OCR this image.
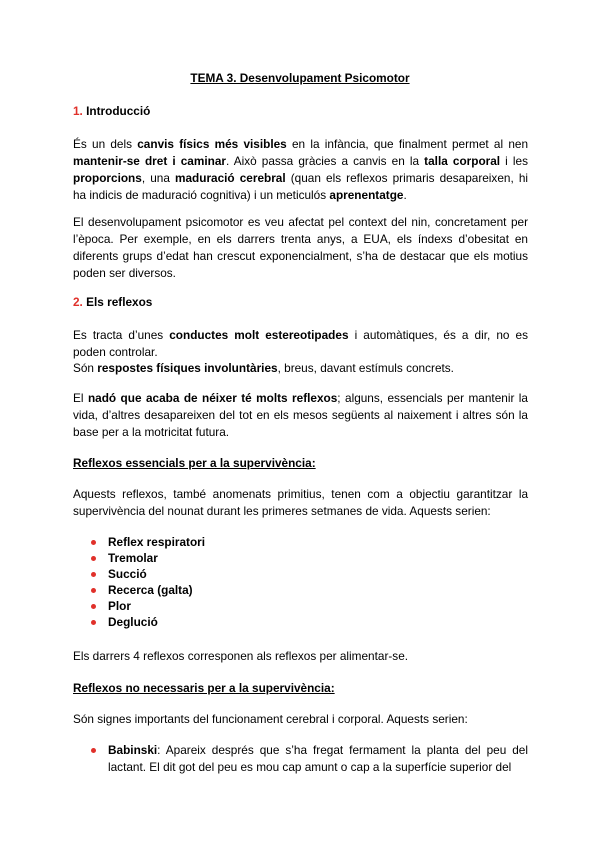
TEMA 3. Desenvolupament Psicomotor
1. Introducció

És un dels canvis físics més visibles en la infància, que finalment permet al nen mantenir-se dret i caminar. Això passa gràcies a canvis en la talla corporal i les proporcions, una maduració cerebral (quan els reflexos primaris desapareixen, hi ha indicis de maduració cognitiva) i un meticulós aprenentatge.

El desenvolupament psicomotor es veu afectat pel context del nin, concretament per l’època. Per exemple, en els darrers trenta anys, a EUA, els índexs d’obesitat en diferents grups d’edat han crescut exponencialment, s’ha de destacar que els motius poden ser diversos.

2. Els reflexos

Es tracta d’unes conductes molt estereotipades i automàtiques, és a dir, no es poden controlar.

Són respostes físiques involuntàries, breus, davant estímuls concrets.

El nadó que acaba de néixer té molts reflexos; alguns, essencials per mantenir la vida, d’altres desapareixen del tot en els mesos següents al naixement i altres són la base per a la motricitat futura.

Reflexos essencials per a la supervivència:

Aquests reflexos, també anomenats primitius, tenen com a objectiu garantitzar la supervivència del nounat durant les primeres setmanes de vida. Aquests serien:

Reflex respiratori
Tremolar
Succió
Recerca (galta)
Plor
Deglució

Els darrers 4 reflexos corresponen als reflexos per alimentar-se.

Reflexos no necessaris per a la supervivència:

Són signes importants del funcionament cerebral i corporal. Aquests serien:

Babinski: Apareix després que s’ha fregat fermament la planta del peu del lactant. El dit got del peu es mou cap amunt o cap a la superfície superior del
